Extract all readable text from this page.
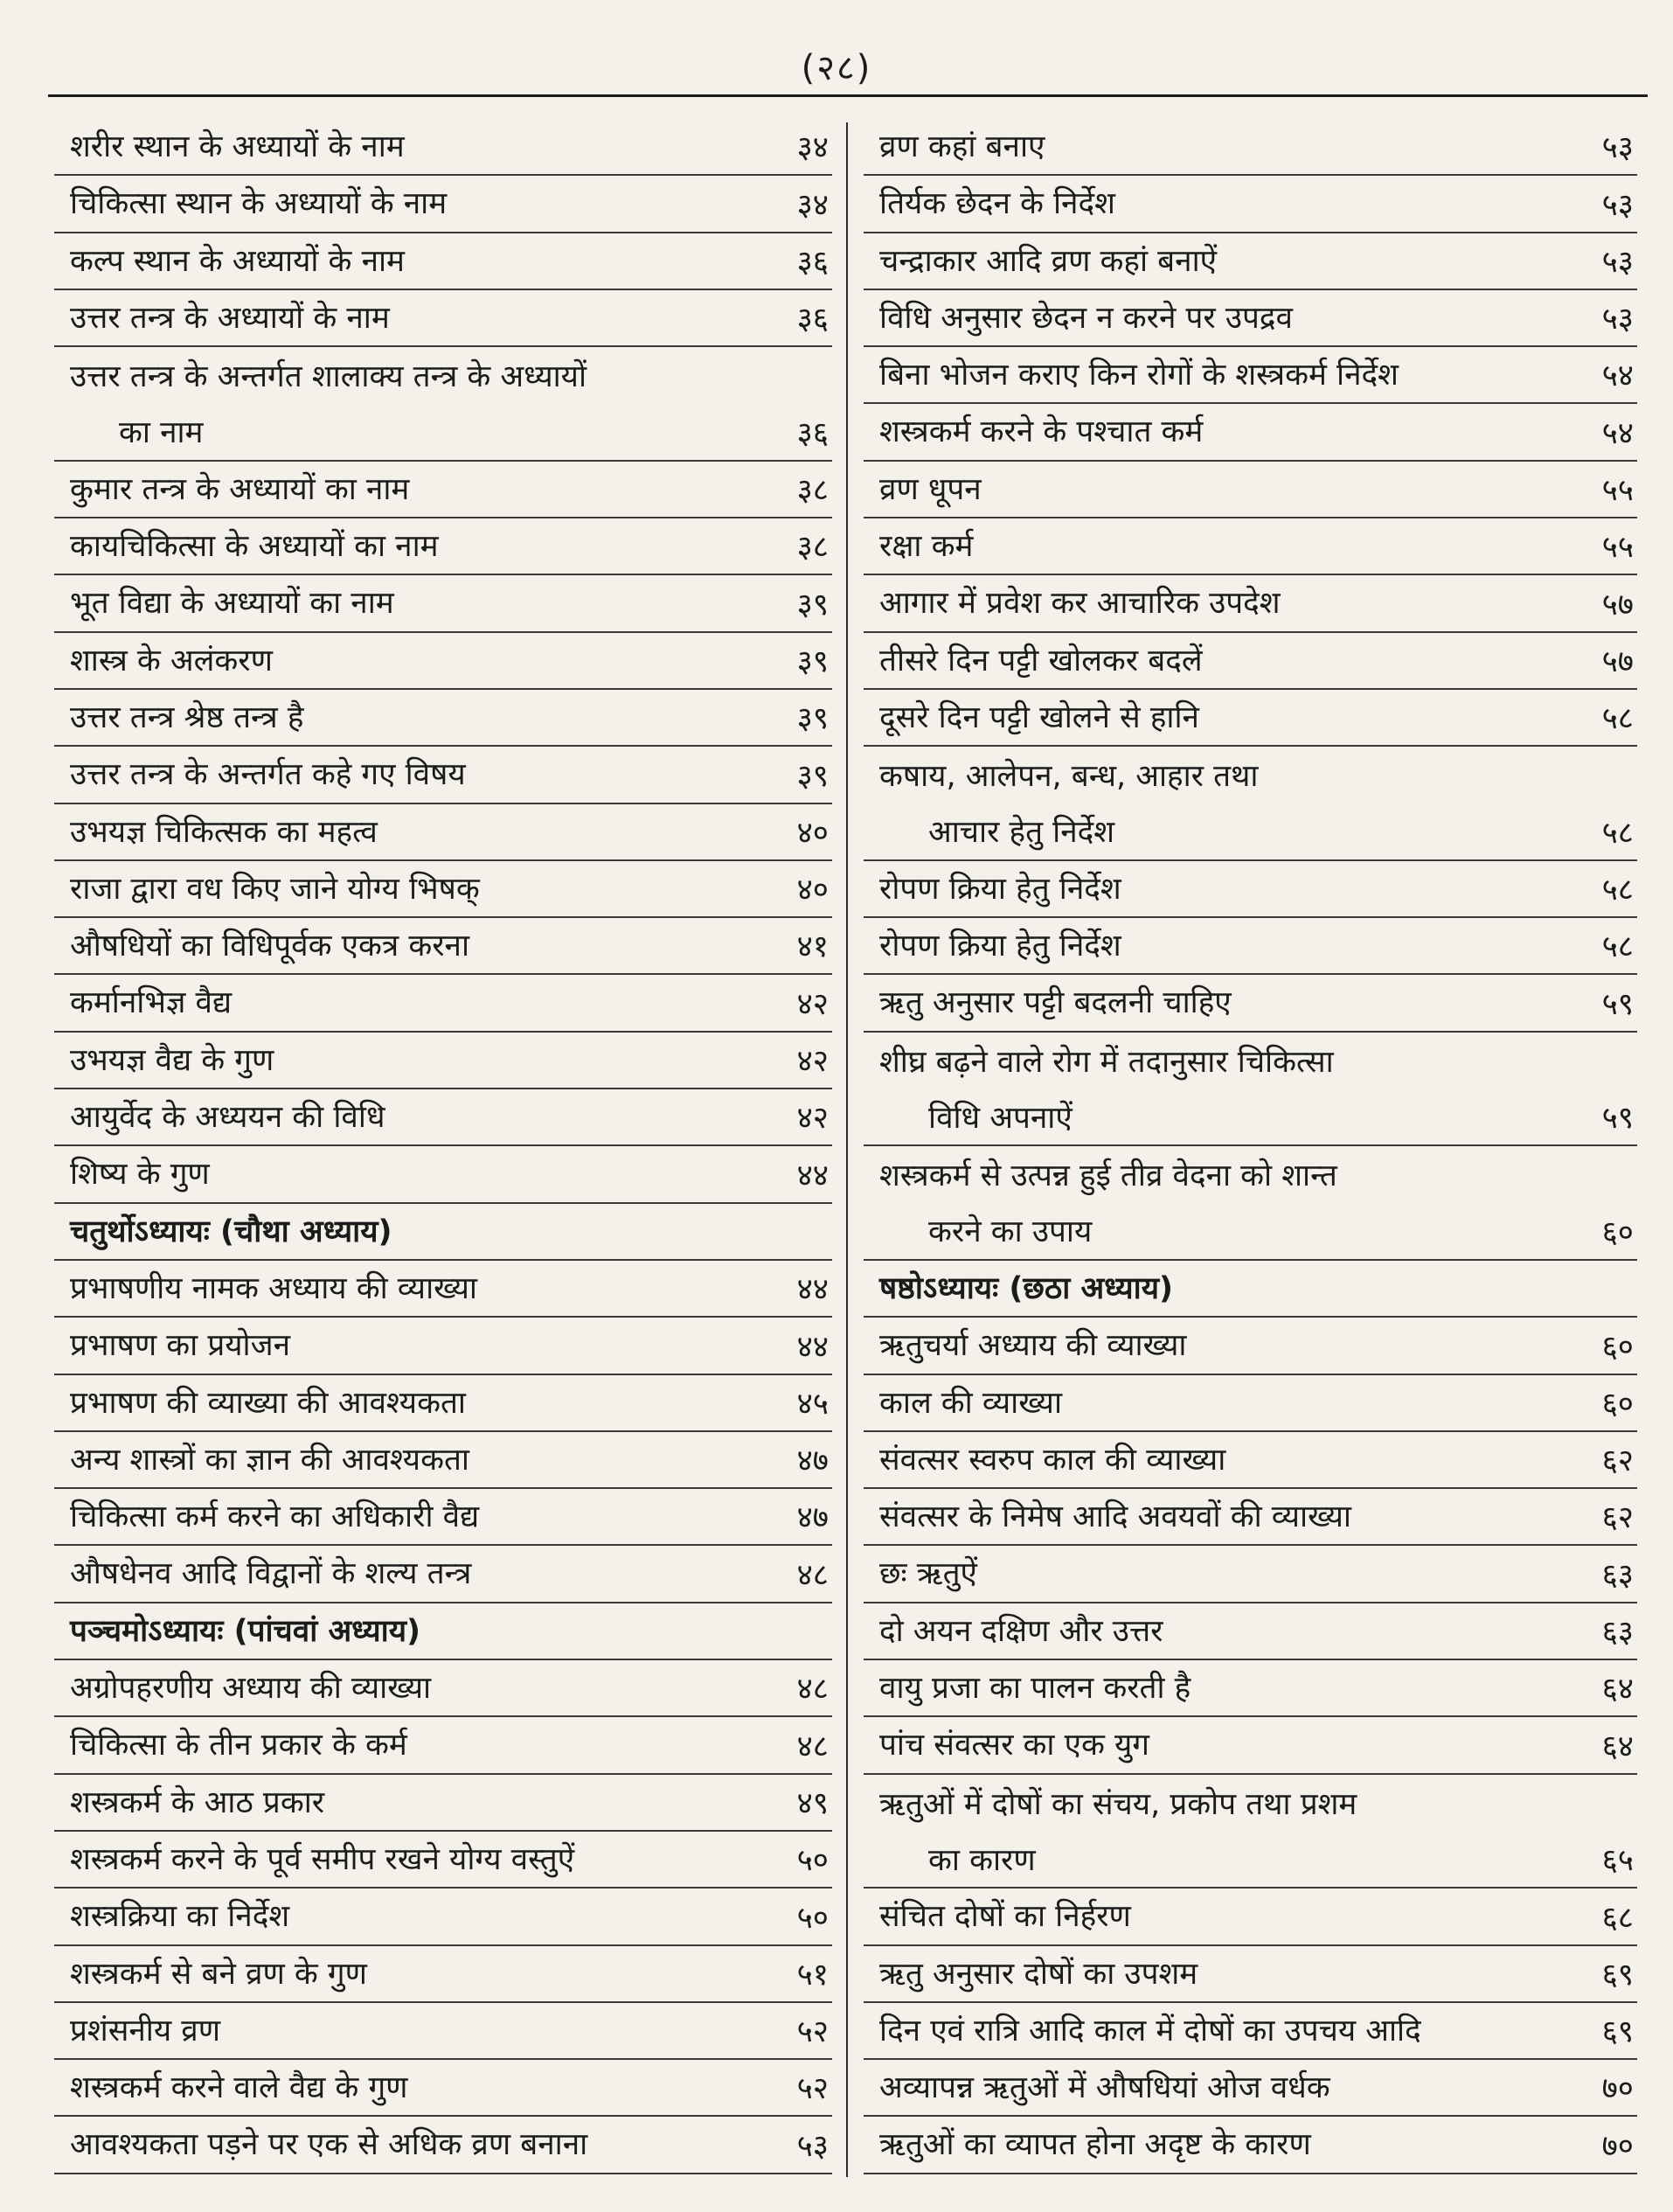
(२८)
शरीर स्थान के अध्यायों के नाम	३४
चिकित्सा स्थान के अध्यायों के नाम	३४
कल्प स्थान के अध्यायों के नाम	३६
उत्तर तन्त्र के अध्यायों के नाम	३६
उत्तर तन्त्र के अन्तर्गत शालाक्य तन्त्र के अध्यायों
का नाम	३६
कुमार तन्त्र के अध्यायों का नाम	३८
कायचिकित्सा के अध्यायों का नाम	३८
भूत विद्या के अध्यायों का नाम	३९
शास्त्र के अलंकरण	३९
उत्तर तन्त्र श्रेष्ठ तन्त्र है	३९
उत्तर तन्त्र के अन्तर्गत कहे गए विषय	३९
उभयज्ञ चिकित्सक का महत्व	४०
राजा द्वारा वध किए जाने योग्य भिषक्	४०
औषधियों का विधिपूर्वक एकत्र करना	४१
कर्मानभिज्ञ वैद्य	४२
उभयज्ञ वैद्य के गुण	४२
आयुर्वेद के अध्ययन की विधि	४२
शिष्य के गुण	४४
चतुर्थोऽध्यायः (चौथा अध्याय)
प्रभाषणीय नामक अध्याय की व्याख्या	४४
प्रभाषण का प्रयोजन	४४
प्रभाषण की व्याख्या की आवश्यकता	४५
अन्य शास्त्रों का ज्ञान की आवश्यकता	४७
चिकित्सा कर्म करने का अधिकारी वैद्य	४७
औषधेनव आदि विद्वानों के शल्य तन्त्र	४८
पञ्चमोऽध्यायः (पांचवां अध्याय)
अग्रोपहरणीय अध्याय की व्याख्या	४८
चिकित्सा के तीन प्रकार के कर्म	४८
शस्त्रकर्म के आठ प्रकार	४९
शस्त्रकर्म करने के पूर्व समीप रखने योग्य वस्तुऐं	५०
शस्त्रक्रिया का निर्देश	५०
शस्त्रकर्म से बने व्रण के गुण	५१
प्रशंसनीय व्रण	५२
शस्त्रकर्म करने वाले वैद्य के गुण	५२
आवश्यकता पड़ने पर एक से अधिक व्रण बनाना	५३
व्रण कहां बनाए	५३
तिर्यक छेदन के निर्देश	५३
चन्द्राकार आदि व्रण कहां बनाऐं	५३
विधि अनुसार छेदन न करने पर उपद्रव	५३
बिना भोजन कराए किन रोगों के शस्त्रकर्म निर्देश	५४
शस्त्रकर्म करने के पश्चात कर्म	५४
व्रण धूपन	५५
रक्षा कर्म	५५
आगार में प्रवेश कर आचारिक उपदेश	५७
तीसरे दिन पट्टी खोलकर बदलें	५७
दूसरे दिन पट्टी खोलने से हानि	५८
कषाय, आलेपन, बन्ध, आहार तथा
आचार हेतु निर्देश	५८
रोपण क्रिया हेतु निर्देश	५८
रोपण क्रिया हेतु निर्देश	५८
ऋतु अनुसार पट्टी बदलनी चाहिए	५९
शीघ्र बढ़ने वाले रोग में तदानुसार चिकित्सा
विधि अपनाऐं	५९
शस्त्रकर्म से उत्पन्न हुई तीव्र वेदना को शान्त
करने का उपाय	६०
षष्ठोऽध्यायः (छठा अध्याय)
ऋतुचर्या अध्याय की व्याख्या	६०
काल की व्याख्या	६०
संवत्सर स्वरुप काल की व्याख्या	६२
संवत्सर के निमेष आदि अवयवों की व्याख्या	६२
छः ऋतुऐं	६३
दो अयन दक्षिण और उत्तर	६३
वायु प्रजा का पालन करती है	६४
पांच संवत्सर का एक युग	६४
ऋतुओं में दोषों का संचय, प्रकोप तथा प्रशम
का कारण	६५
संचित दोषों का निर्हरण	६८
ऋतु अनुसार दोषों का उपशम	६९
दिन एवं रात्रि आदि काल में दोषों का उपचय आदि	६९
अव्यापन्न ऋतुओं में औषधियां ओज वर्धक	७०
ऋतुओं का व्यापत होना अदृष्ट के कारण	७०
